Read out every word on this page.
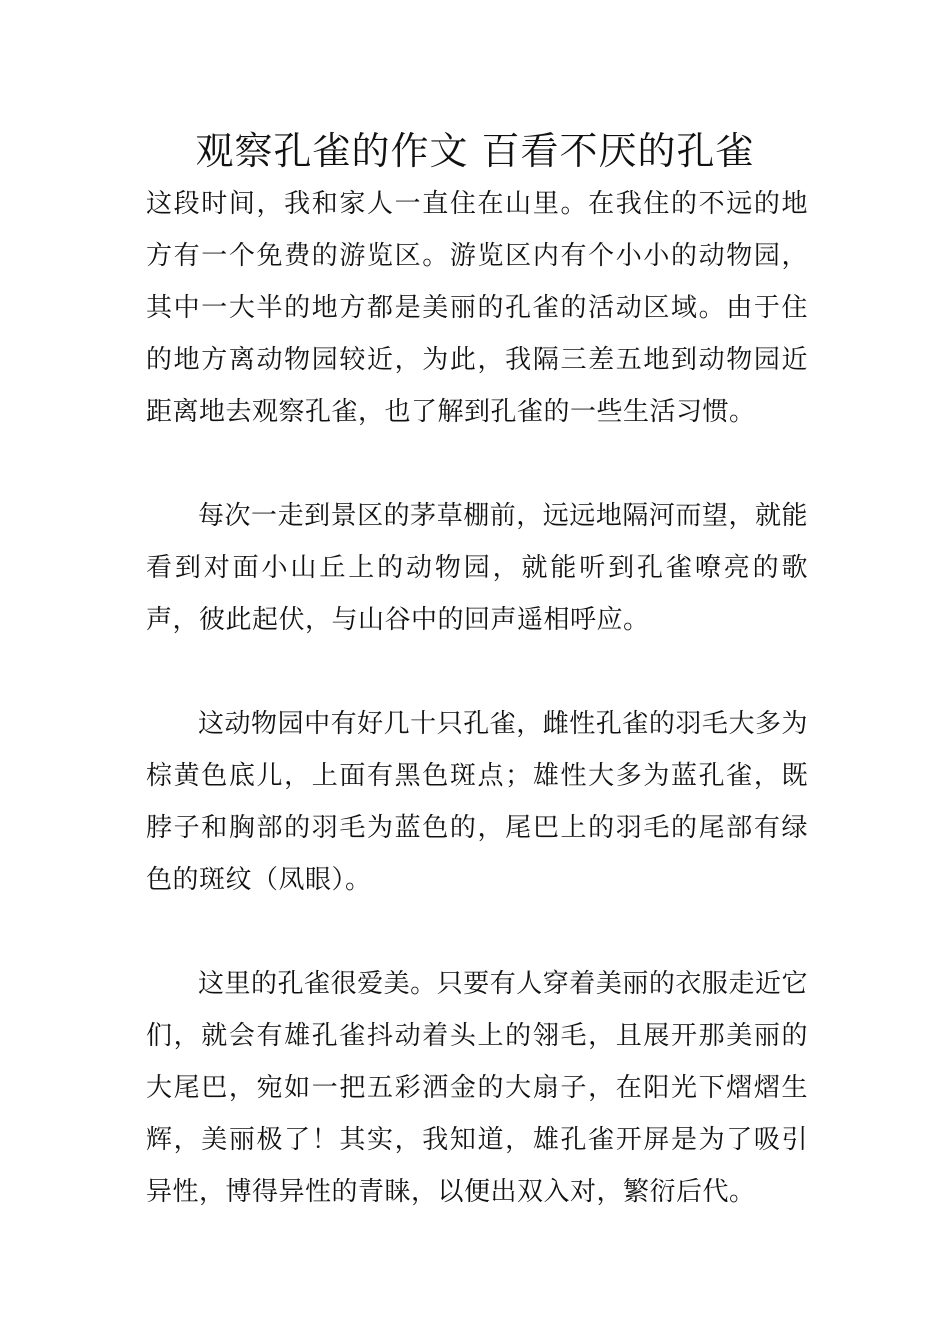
观察孔雀的作文 百看不厌的孔雀

这段时间，我和家人一直住在山里。在我住的不远的地方有一个免费的游览区。游览区内有个小小的动物园，其中一大半的地方都是美丽的孔雀的活动区域。由于住的地方离动物园较近，为此，我隔三差五地到动物园近距离地去观察孔雀，也了解到孔雀的一些生活习惯。

每次一走到景区的茅草棚前，远远地隔河而望，就能看到对面小山丘上的动物园，就能听到孔雀嘹亮的歌声，彼此起伏，与山谷中的回声遥相呼应。

这动物园中有好几十只孔雀，雌性孔雀的羽毛大多为棕黄色底儿，上面有黑色斑点；雄性大多为蓝孔雀，既脖子和胸部的羽毛为蓝色的，尾巴上的羽毛的尾部有绿色的斑纹（凤眼）。

这里的孔雀很爱美。只要有人穿着美丽的衣服走近它们，就会有雄孔雀抖动着头上的翎毛，且展开那美丽的大尾巴，宛如一把五彩洒金的大扇子，在阳光下熠熠生辉，美丽极了！其实，我知道，雄孔雀开屏是为了吸引异性，博得异性的青睐，以便出双入对，繁衍后代。
